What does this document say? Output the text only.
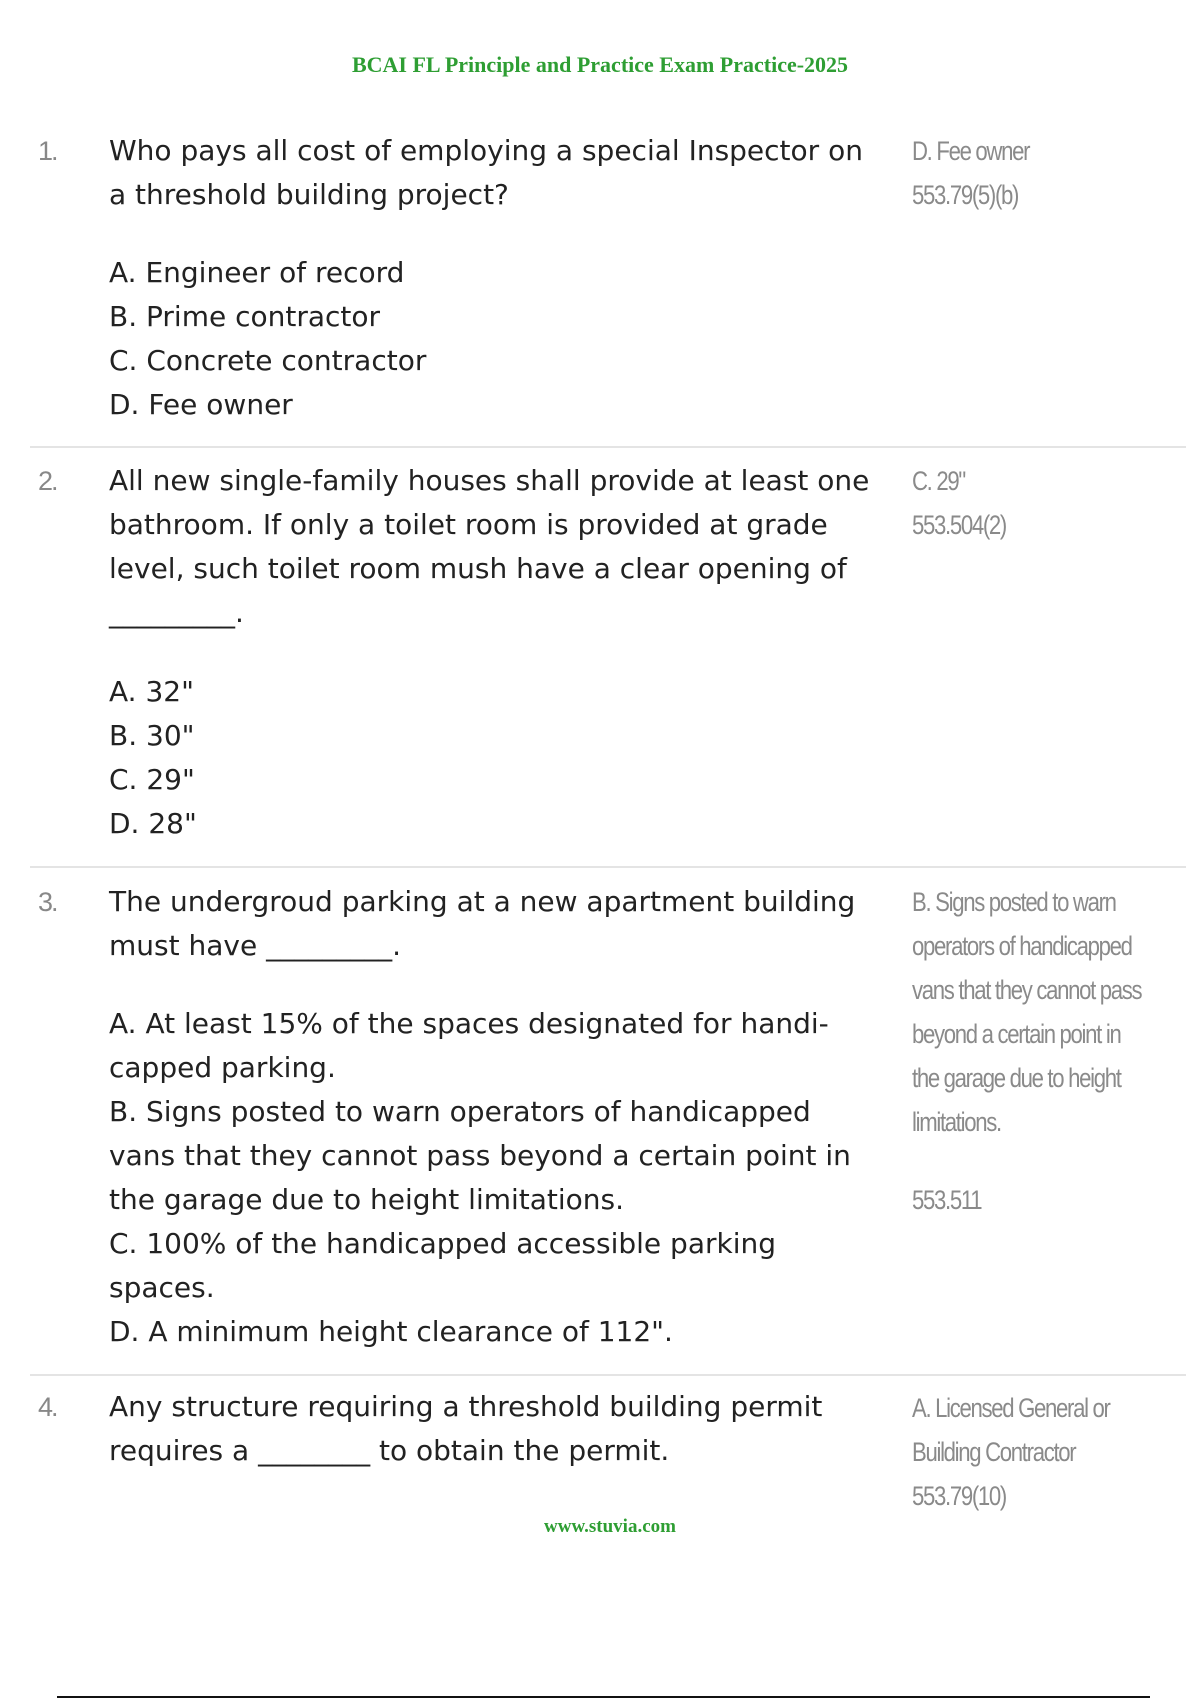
BCAI FL Principle and Practice Exam Practice-2025
1. Who pays all cost of employing a special Inspector on
a threshold building project?
A. Engineer of record
B. Prime contractor
C. Concrete contractor
D. Fee owner
D. Fee owner
553.79(5)(b)
2. All new single-family houses shall provide at least one
bathroom. If only a toilet room is provided at grade
level, such toilet room mush have a clear opening of
_________.
A. 32"
B. 30"
C. 29"
D. 28"
C. 29"
553.504(2)
3. The undergroud parking at a new apartment building
must have _________.
A. At least 15% of the spaces designated for handi-
capped parking.
B. Signs posted to warn operators of handicapped
vans that they cannot pass beyond a certain point in
the garage due to height limitations.
C. 100% of the handicapped accessible parking
spaces.
D. A minimum height clearance of 112".
B. Signs posted to warn
operators of handicapped
vans that they cannot pass
beyond a certain point in
the garage due to height
limitations.
553.511
4. Any structure requiring a threshold building permit
requires a ________ to obtain the permit.
A. Licensed General or
Building Contractor
553.79(10)
www.stuvia.com
